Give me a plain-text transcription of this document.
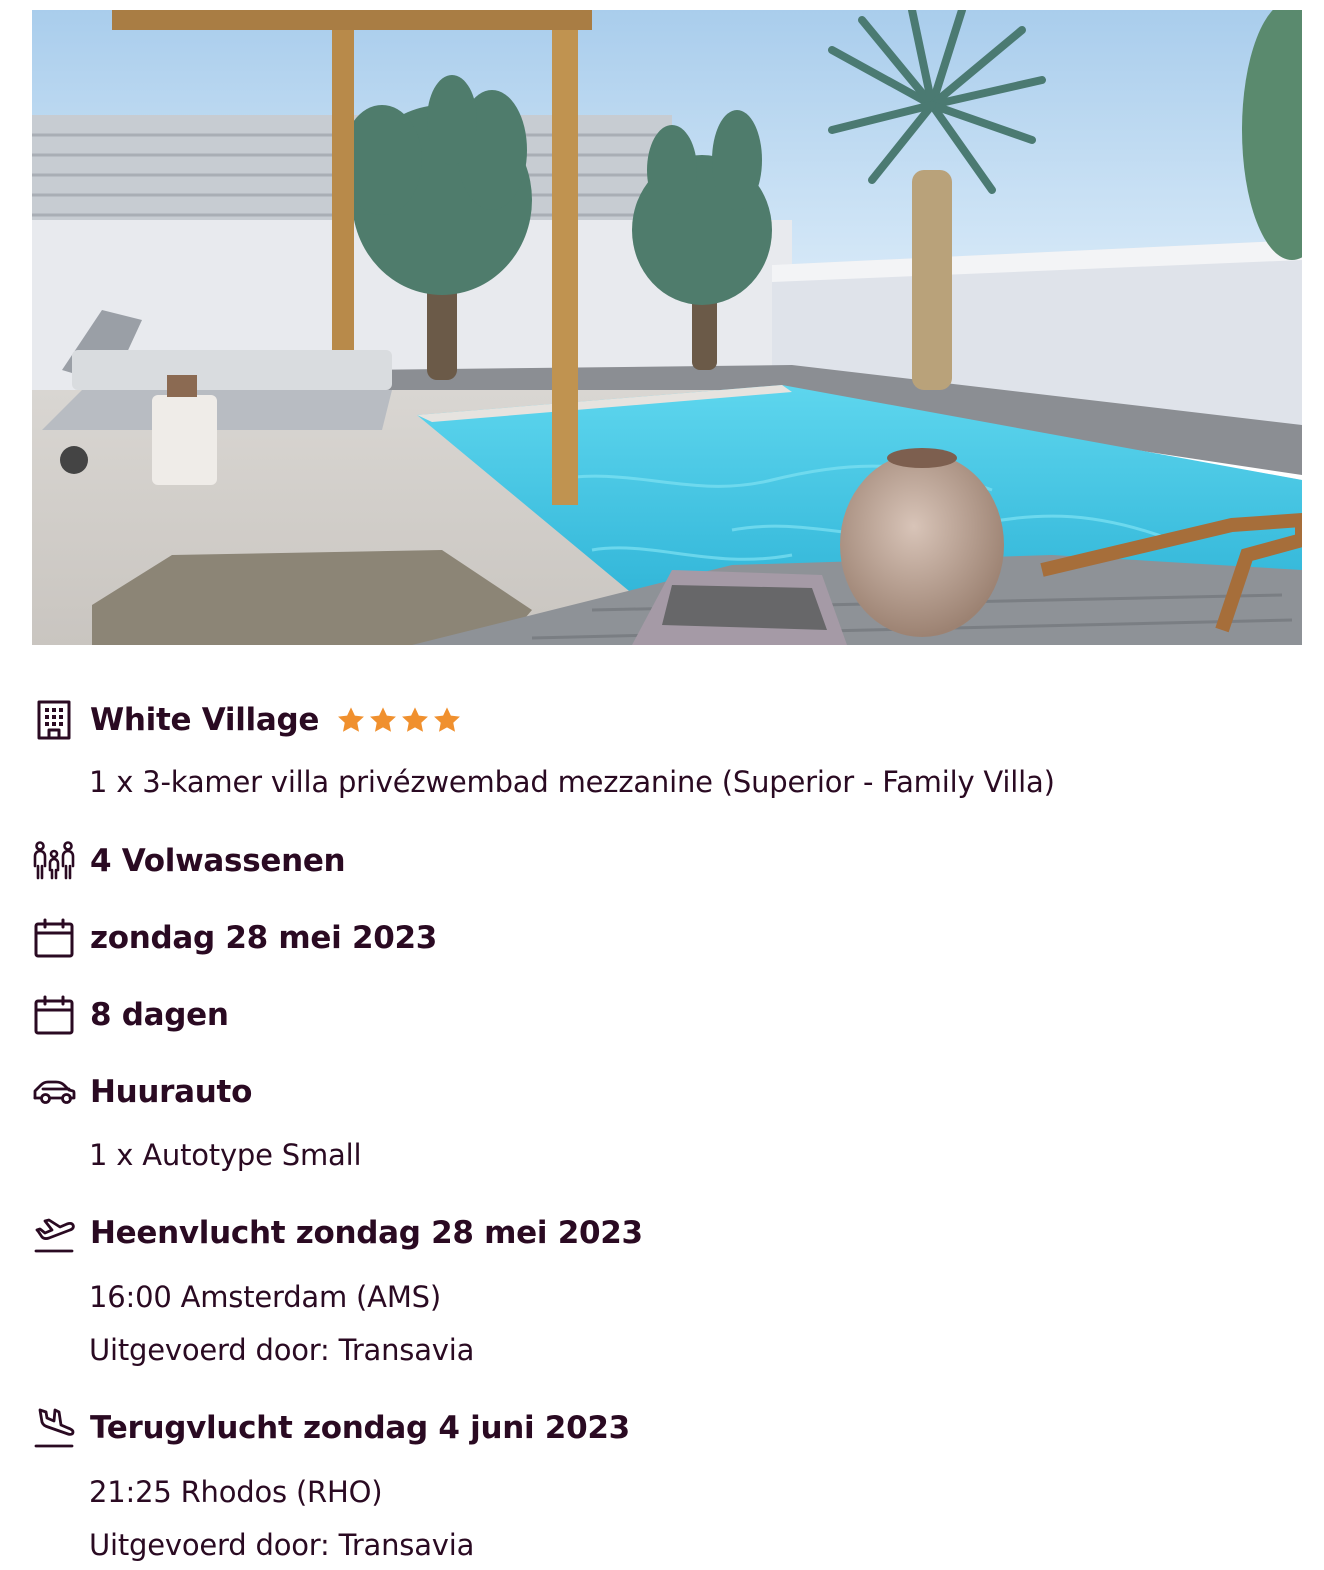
White Village
1 x 3-kamer villa privézwembad mezzanine (Superior - Family Villa)
4 Volwassenen
zondag 28 mei 2023
8 dagen
Huurauto
1 x Autotype Small
Heenvlucht zondag 28 mei 2023
16:00 Amsterdam (AMS)
Uitgevoerd door: Transavia
Terugvlucht zondag 4 juni 2023
21:25 Rhodos (RHO)
Uitgevoerd door: Transavia
